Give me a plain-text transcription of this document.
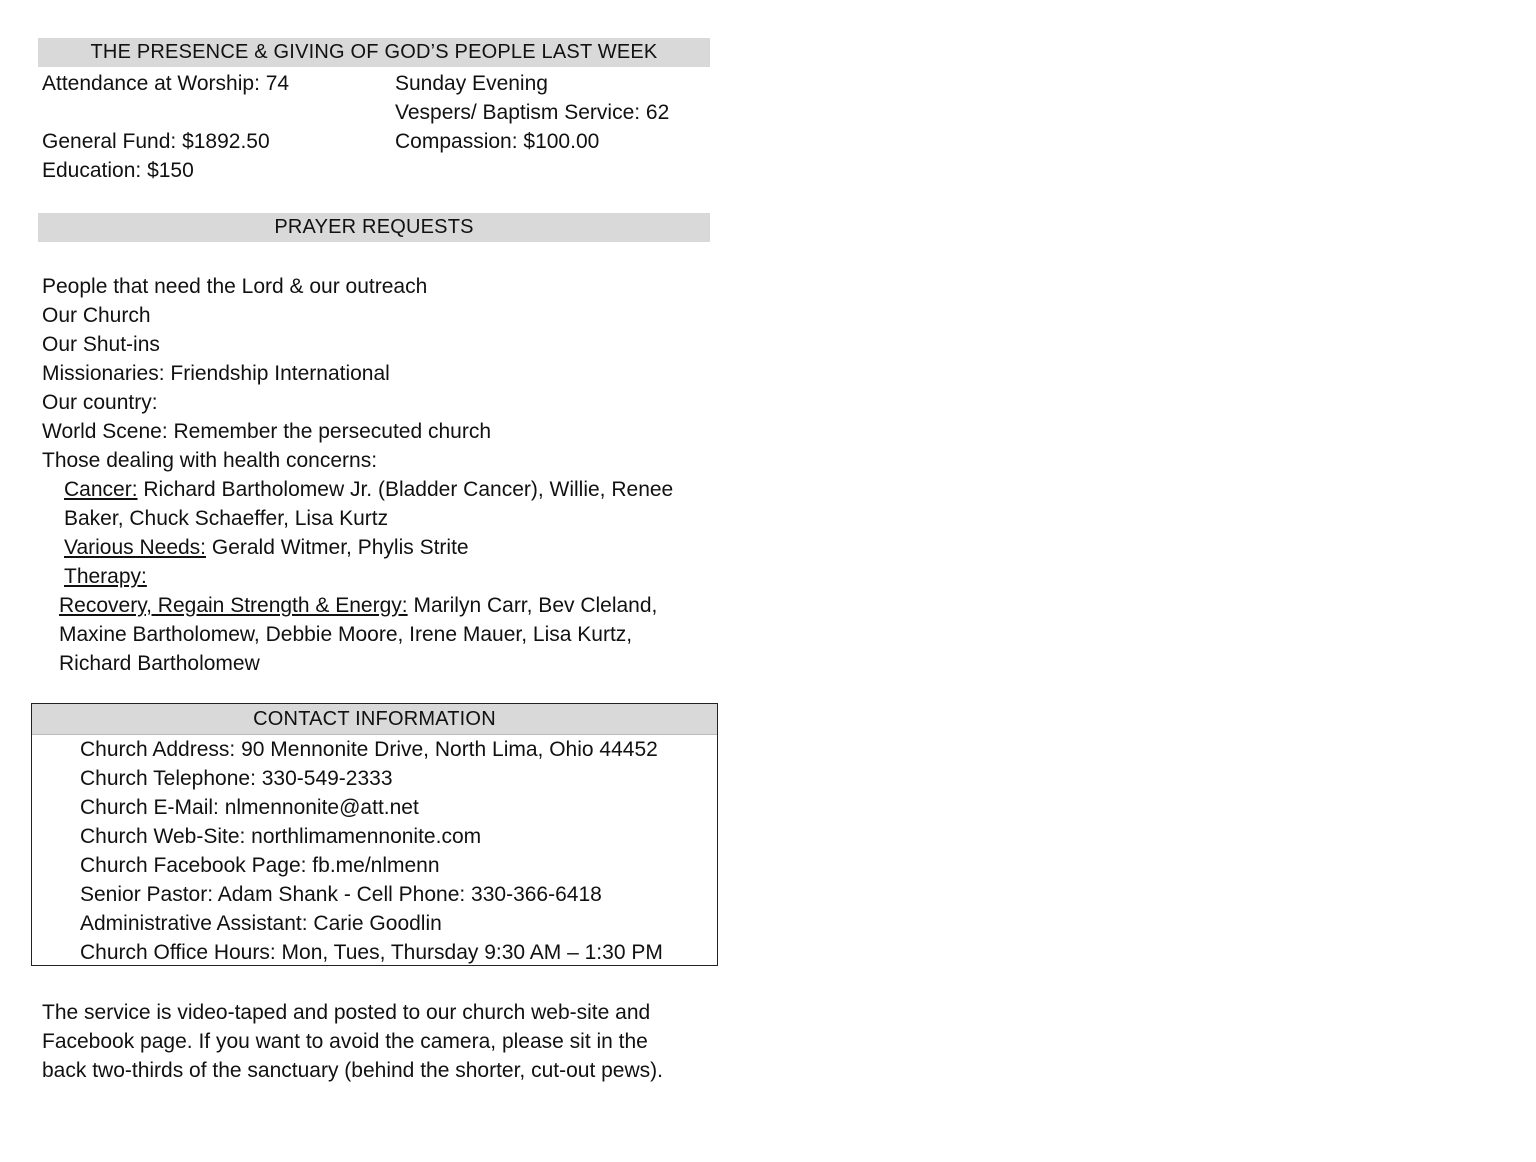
THE PRESENCE & GIVING OF GOD’S PEOPLE LAST WEEK
Attendance at Worship: 74
General Fund: $1892.50
Education: $150
Sunday Evening
Vespers/ Baptism Service: 62
Compassion: $100.00
PRAYER REQUESTS
People that need the Lord & our outreach
Our Church
Our Shut-ins
Missionaries: Friendship International
Our country:
World Scene: Remember the persecuted church
Those dealing with health concerns:
Cancer: Richard Bartholomew Jr. (Bladder Cancer), Willie, Renee
Baker, Chuck Schaeffer, Lisa Kurtz
Various Needs: Gerald Witmer, Phylis Strite
Therapy:
Recovery, Regain Strength & Energy: Marilyn Carr, Bev Cleland,
Maxine Bartholomew, Debbie Moore, Irene Mauer, Lisa Kurtz,
Richard Bartholomew
CONTACT INFORMATION
Church Address: 90 Mennonite Drive, North Lima, Ohio 44452
Church Telephone: 330-549-2333
Church E-Mail: nlmennonite@att.net
Church Web-Site: northlimamennonite.com
Church Facebook Page: fb.me/nlmenn
Senior Pastor: Adam Shank - Cell Phone: 330-366-6418
Administrative Assistant: Carie Goodlin
Church Office Hours: Mon, Tues, Thursday 9:30 AM – 1:30 PM
The service is video-taped and posted to our church web-site and
Facebook page. If you want to avoid the camera, please sit in the
back two-thirds of the sanctuary (behind the shorter, cut-out pews).
